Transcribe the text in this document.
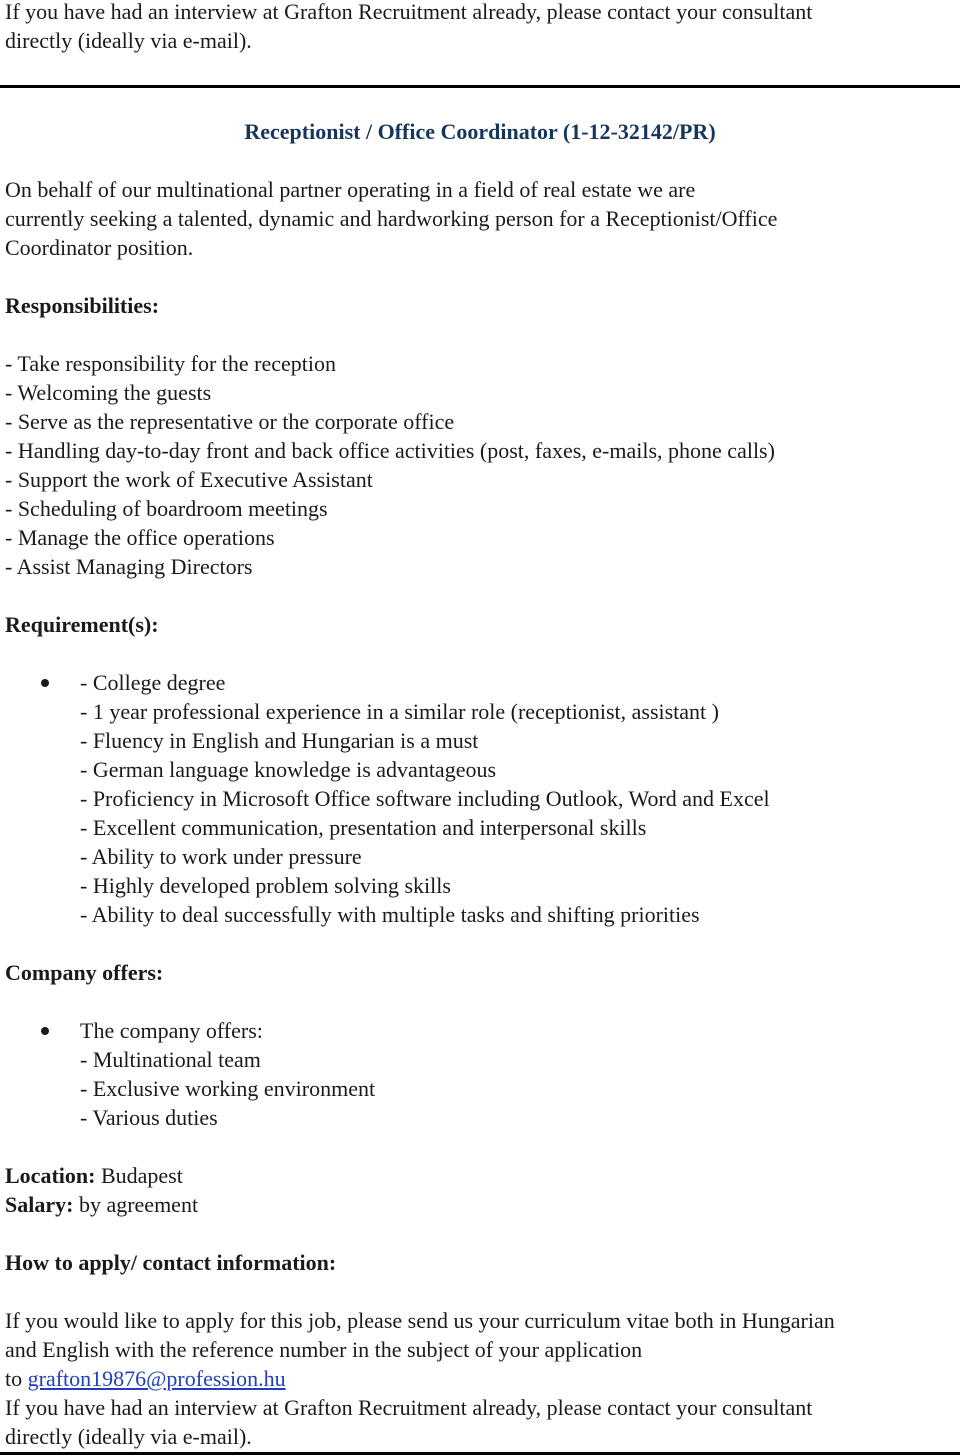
If you have had an interview at Grafton Recruitment already, please contact your consultant
directly (ideally via e-mail).
Receptionist / Office Coordinator (1-12-32142/PR)
On behalf of our multinational partner operating in a field of real estate we are
currently seeking a talented, dynamic and hardworking person for a Receptionist/Office
Coordinator position.
Responsibilities:
- Take responsibility for the reception
- Welcoming the guests
- Serve as the representative or the corporate office
- Handling day-to-day front and back office activities (post, faxes, e-mails, phone calls)
- Support the work of Executive Assistant
- Scheduling of boardroom meetings
- Manage the office operations
- Assist Managing Directors
Requirement(s):
- College degree
- 1 year professional experience in a similar role (receptionist, assistant )
- Fluency in English and Hungarian is a must
- German language knowledge is advantageous
- Proficiency in Microsoft Office software including Outlook, Word and Excel
- Excellent communication, presentation and interpersonal skills
- Ability to work under pressure
- Highly developed problem solving skills
- Ability to deal successfully with multiple tasks and shifting priorities
Company offers:
The company offers:
- Multinational team
- Exclusive working environment
- Various duties
Location: Budapest
Salary: by agreement
How to apply/ contact information:
If you would like to apply for this job, please send us your curriculum vitae both in Hungarian
and English with the reference number in the subject of your application
to grafton19876@profession.hu
If you have had an interview at Grafton Recruitment already, please contact your consultant
directly (ideally via e-mail).
